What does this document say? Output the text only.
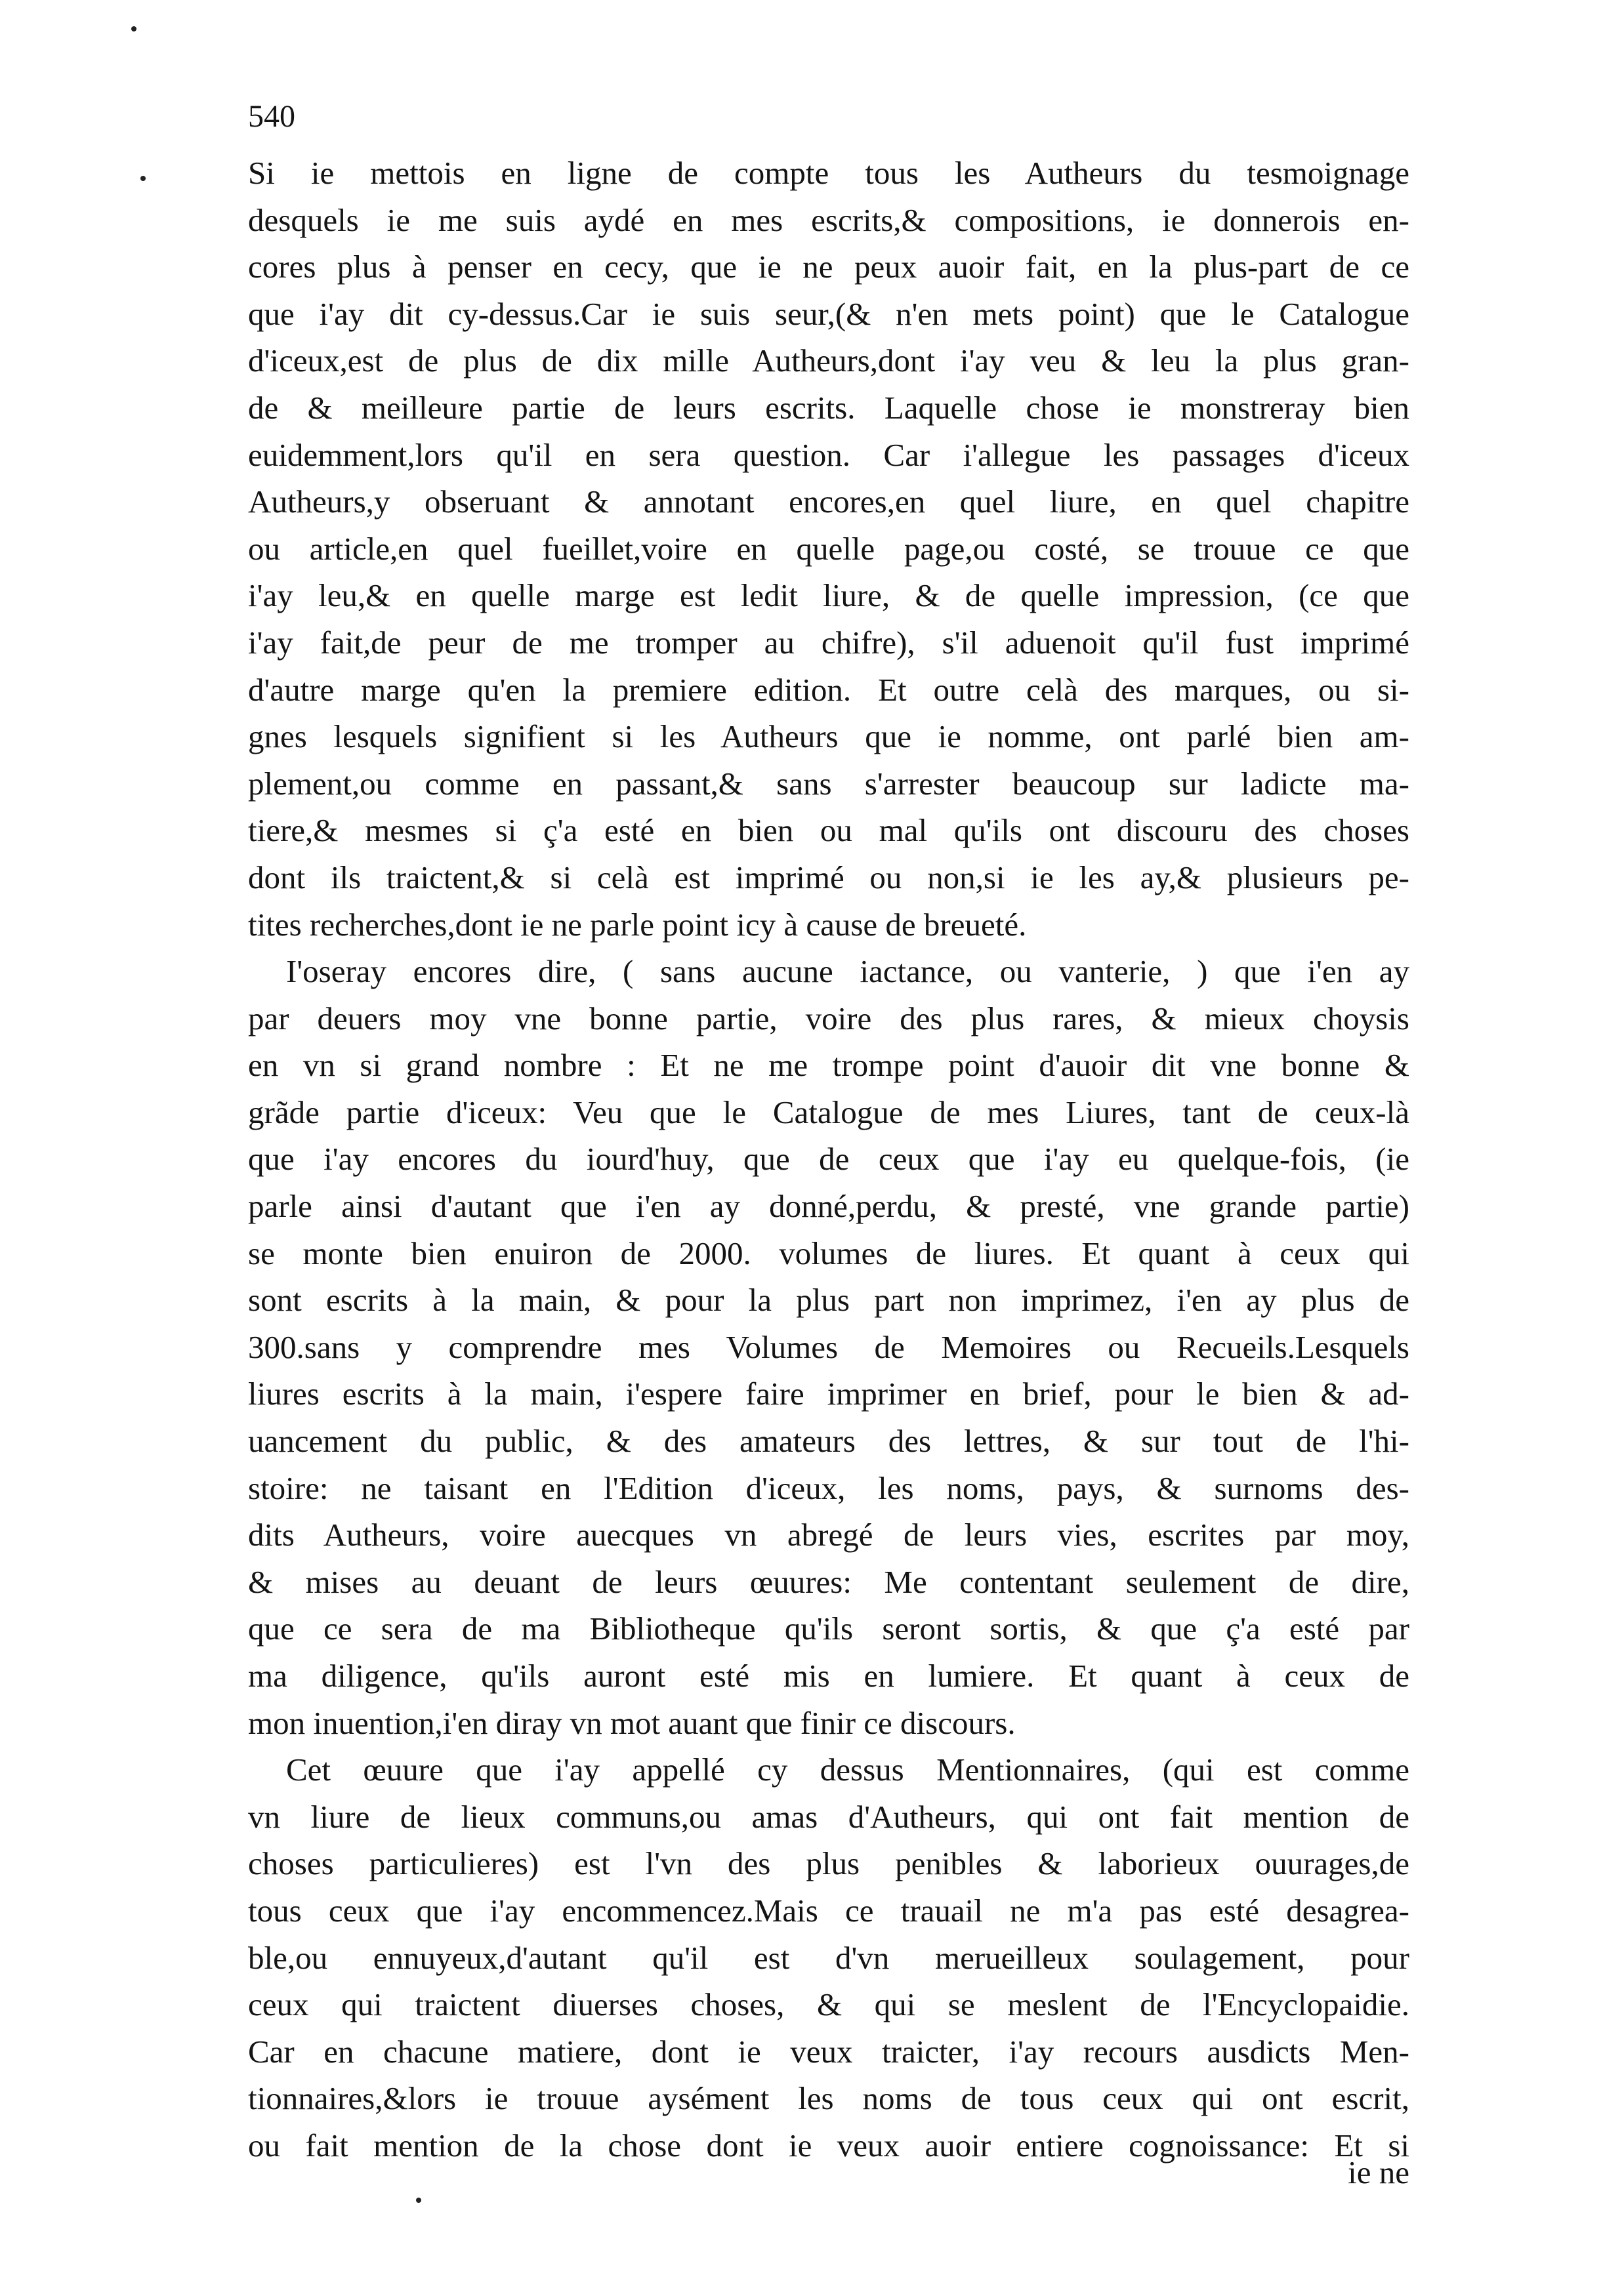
540
Si ie mettois en ligne de compte tous les Autheurs du tesmoignage
desquels ie me suis aydé en mes escrits,& compositions, ie donnerois en-
cores plus à penser en cecy, que ie ne peux auoir fait, en la plus-part de ce
que i'ay dit cy-dessus.Car ie suis seur,(& n'en mets point) que le Catalogue
d'iceux,est de plus de dix mille Autheurs,dont i'ay veu & leu la plus gran-
de & meilleure partie de leurs escrits. Laquelle chose ie monstreray bien
euidemment,lors qu'il en sera question. Car i'allegue les passages d'iceux
Autheurs,y obseruant & annotant encores,en quel liure, en quel chapitre
ou article,en quel fueillet,voire en quelle page,ou costé, se trouue ce que
i'ay leu,& en quelle marge est ledit liure, & de quelle impression, (ce que
i'ay fait,de peur de me tromper au chifre), s'il aduenoit qu'il fust imprimé
d'autre marge qu'en la premiere edition. Et outre celà des marques, ou si-
gnes lesquels signifient si les Autheurs que ie nomme, ont parlé bien am-
plement,ou comme en passant,& sans s'arrester beaucoup sur ladicte ma-
tiere,& mesmes si ç'a esté en bien ou mal qu'ils ont discouru des choses
dont ils traictent,& si celà est imprimé ou non,si ie les ay,& plusieurs pe-
tites recherches,dont ie ne parle point icy à cause de breueté.
I'oseray encores dire, ( sans aucune iactance, ou vanterie, ) que i'en ay
par deuers moy vne bonne partie, voire des plus rares, & mieux choysis
en vn si grand nombre : Et ne me trompe point d'auoir dit vne bonne &
grãde partie d'iceux: Veu que le Catalogue de mes Liures, tant de ceux-là
que i'ay encores du iourd'huy, que de ceux que i'ay eu quelque-fois, (ie
parle ainsi d'autant que i'en ay donné,perdu, & presté, vne grande partie)
se monte bien enuiron de 2000. volumes de liures. Et quant à ceux qui
sont escrits à la main, & pour la plus part non imprimez, i'en ay plus de
300.sans y comprendre mes Volumes de Memoires ou Recueils.Lesquels
liures escrits à la main, i'espere faire imprimer en brief, pour le bien & ad-
uancement du public, & des amateurs des lettres, & sur tout de l'hi-
stoire: ne taisant en l'Edition d'iceux, les noms, pays, & surnoms des-
dits Autheurs, voire auecques vn abregé de leurs vies, escrites par moy,
& mises au deuant de leurs œuures: Me contentant seulement de dire,
que ce sera de ma Bibliotheque qu'ils seront sortis, & que ç'a esté par
ma diligence, qu'ils auront esté mis en lumiere. Et quant à ceux de
mon inuention,i'en diray vn mot auant que finir ce discours.
Cet œuure que i'ay appellé cy dessus Mentionnaires, (qui est comme
vn liure de lieux communs,ou amas d'Autheurs, qui ont fait mention de
choses particulieres) est l'vn des plus penibles & laborieux ouurages,de
tous ceux que i'ay encommencez.Mais ce trauail ne m'a pas esté desagrea-
ble,ou ennuyeux,d'autant qu'il est d'vn merueilleux soulagement, pour
ceux qui traictent diuerses choses, & qui se meslent de l'Encyclopaidie.
Car en chacune matiere, dont ie veux traicter, i'ay recours ausdicts Men-
tionnaires,&lors ie trouue aysément les noms de tous ceux qui ont escrit,
ou fait mention de la chose dont ie veux auoir entiere cognoissance: Et si
ie ne
